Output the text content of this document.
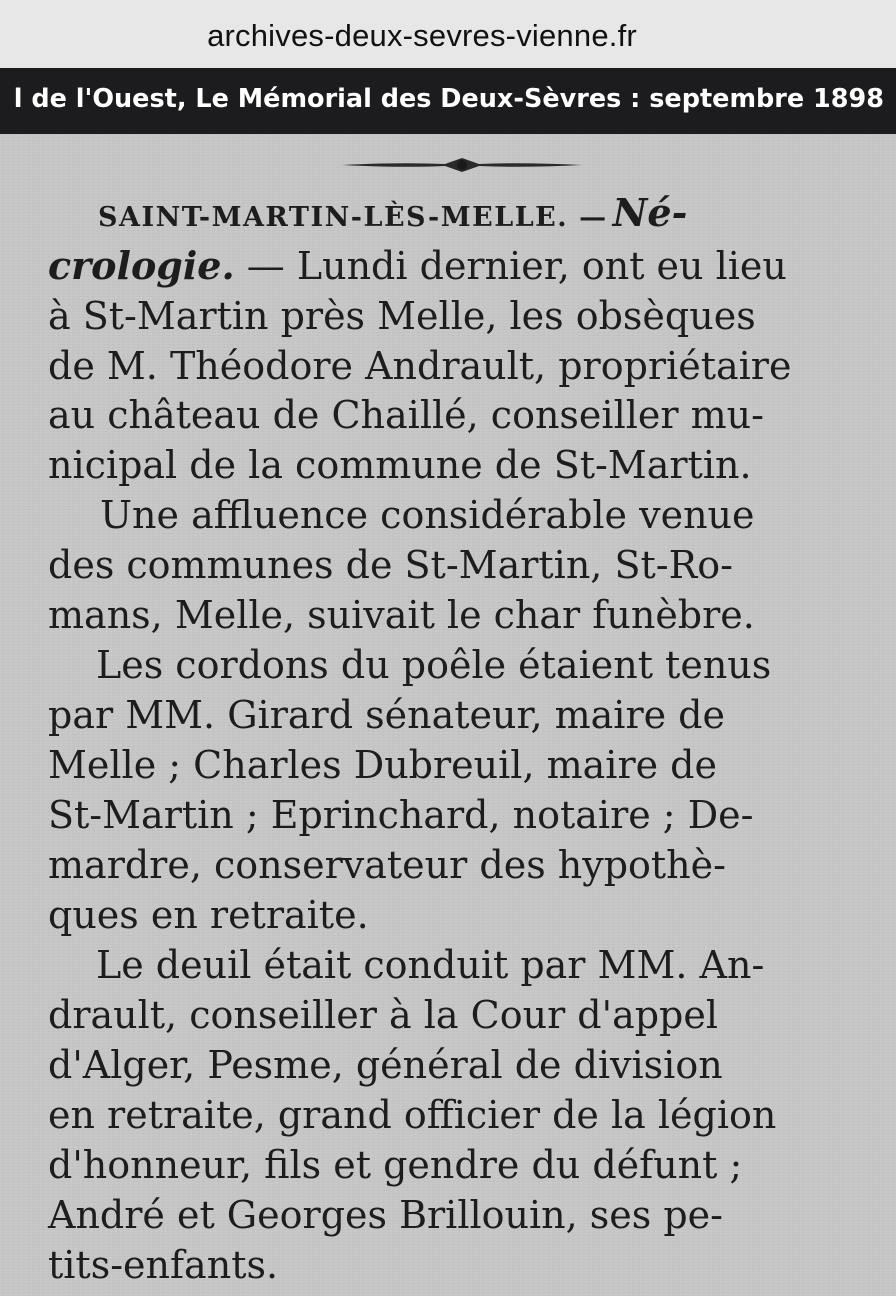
archives-deux-sevres-vienne.fr
l de l'Ouest, Le Mémorial des Deux-Sèvres : septembre 1898
SAINT-MARTIN-LÈS-MELLE. — Né-
crologie. — Lundi dernier, ont eu lieu
à St-Martin près Melle, les obsèques
de M. Théodore Andrault, propriétaire
au château de Chaillé, conseiller mu-
nicipal de la commune de St-Martin.
Une affluence considérable venue
des communes de St-Martin, St-Ro-
mans, Melle, suivait le char funèbre.
Les cordons du poêle étaient tenus
par MM. Girard sénateur, maire de
Melle ; Charles Dubreuil, maire de
St-Martin ; Eprinchard, notaire ; De-
mardre, conservateur des hypothè-
ques en retraite.
Le deuil était conduit par MM. An-
drault, conseiller à la Cour d'appel
d'Alger, Pesme, général de division
en retraite, grand officier de la légion
d'honneur, fils et gendre du défunt ;
André et Georges Brillouin, ses pe-
tits-enfants.
